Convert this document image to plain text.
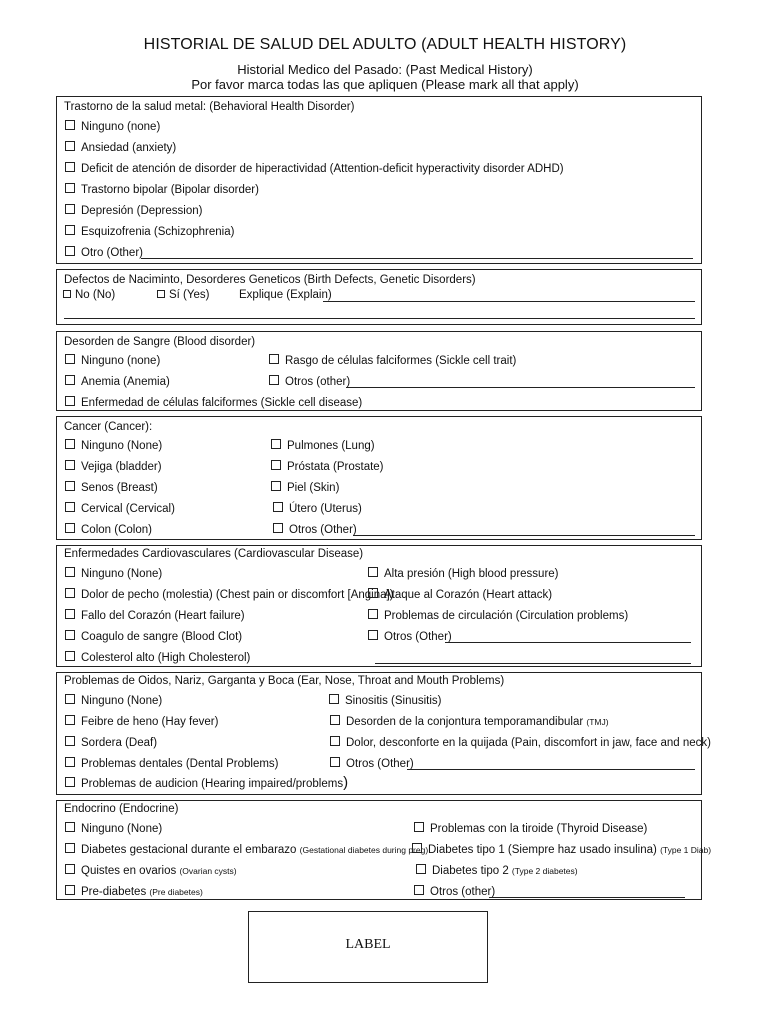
HISTORIAL DE SALUD DEL ADULTO (ADULT HEALTH HISTORY)
Historial Medico del Pasado: (Past Medical History)
Por favor marca todas las que apliquen (Please mark all that apply)
Trastorno de la salud metal: (Behavioral Health Disorder)
Ninguno (none)
Ansiedad (anxiety)
Deficit de atención de disorder de hiperactividad (Attention-deficit hyperactivity disorder ADHD)
Trastorno bipolar (Bipolar disorder)
Depresión (Depression)
Esquizofrenia (Schizophrenia)
Otro (Other)
Defectos de Naciminto, Desorderes Geneticos (Birth Defects, Genetic Disorders)
No (No)	Sí (Yes)	Explique (Explain)
Desorden de Sangre (Blood disorder)
Ninguno (none)
Anemia (Anemia)
Enfermedad de células falciformes (Sickle cell disease)
Rasgo de células falciformes (Sickle cell trait)
Otros (other)
Cancer (Cancer):
Ninguno (None)
Vejiga (bladder)
Senos (Breast)
Cervical (Cervical)
Colon (Colon)
Pulmones (Lung)
Próstata (Prostate)
Piel (Skin)
Útero (Uterus)
Otros (Other)
Enfermedades Cardiovasculares (Cardiovascular Disease)
Ninguno (None)
Dolor de pecho (molestia) (Chest pain or discomfort [Angina])
Fallo del Corazón (Heart failure)
Coagulo de sangre (Blood Clot)
Colesterol alto (High Cholesterol)
Alta presión (High blood pressure)
Ataque al Corazón (Heart attack)
Problemas de circulación (Circulation problems)
Otros (Other)
Problemas de Oidos, Nariz, Garganta y Boca (Ear, Nose, Throat and Mouth Problems)
Ninguno (None)
Feibre de heno (Hay fever)
Sordera (Deaf)
Problemas dentales (Dental Problems)
Problemas de audicion (Hearing impaired/problems)
Sinositis (Sinusitis)
Desorden de la conjontura temporamandibular (TMJ)
Dolor, desconforte en la quijada (Pain, discomfort in jaw, face and neck)
Otros (Other)
Endocrino (Endocrine)
Ninguno (None)
Diabetes gestacional durante el embarazo (Gestational diabetes during preg)
Quistes en ovarios (Ovarian cysts)
Pre-diabetes (Pre diabetes)
Problemas con la tiroide (Thyroid Disease)
Diabetes tipo 1 (Siempre haz usado insulina) (Type 1 Diab)
Diabetes tipo 2 (Type 2 diabetes)
Otros (other)
LABEL
